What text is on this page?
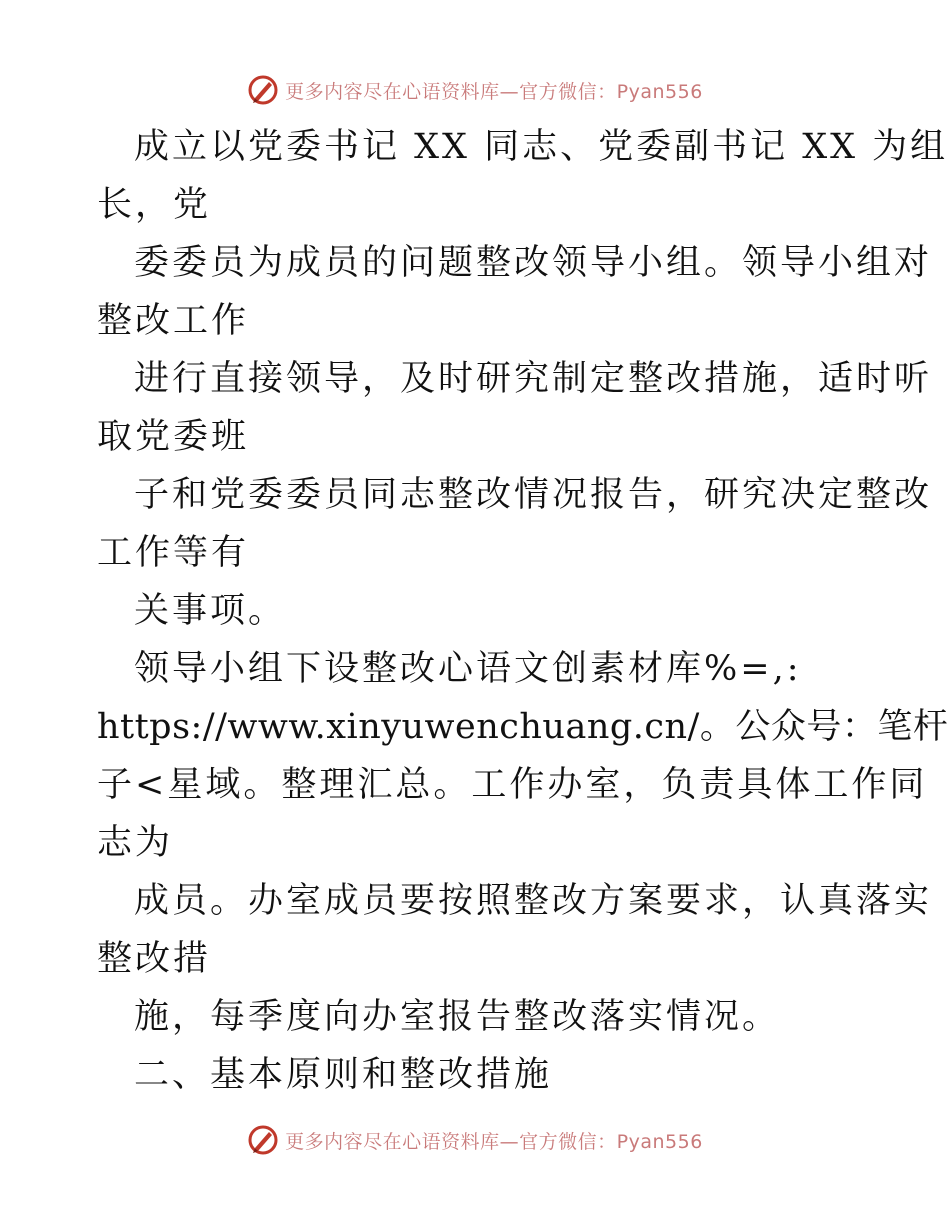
更多内容尽在心语资料库—官方微信：Pyan556
成立以党委书记 XX 同志、党委副书记 XX 为组
长，党
委委员为成员的问题整改领导小组。领导小组对
整改工作
进行直接领导，及时研究制定整改措施，适时听
取党委班
子和党委委员同志整改情况报告，研究决定整改
工作等有
关事项。
领导小组下设整改心语文创素材库%=,:
https://www.xinyuwenchuang.cn/。公众号：笔杆
子<星域。整理汇总。工作办室，负责具体工作同
志为
成员。办室成员要按照整改方案要求，认真落实
整改措
施，每季度向办室报告整改落实情况。
二、基本原则和整改措施
更多内容尽在心语资料库—官方微信：Pyan556
